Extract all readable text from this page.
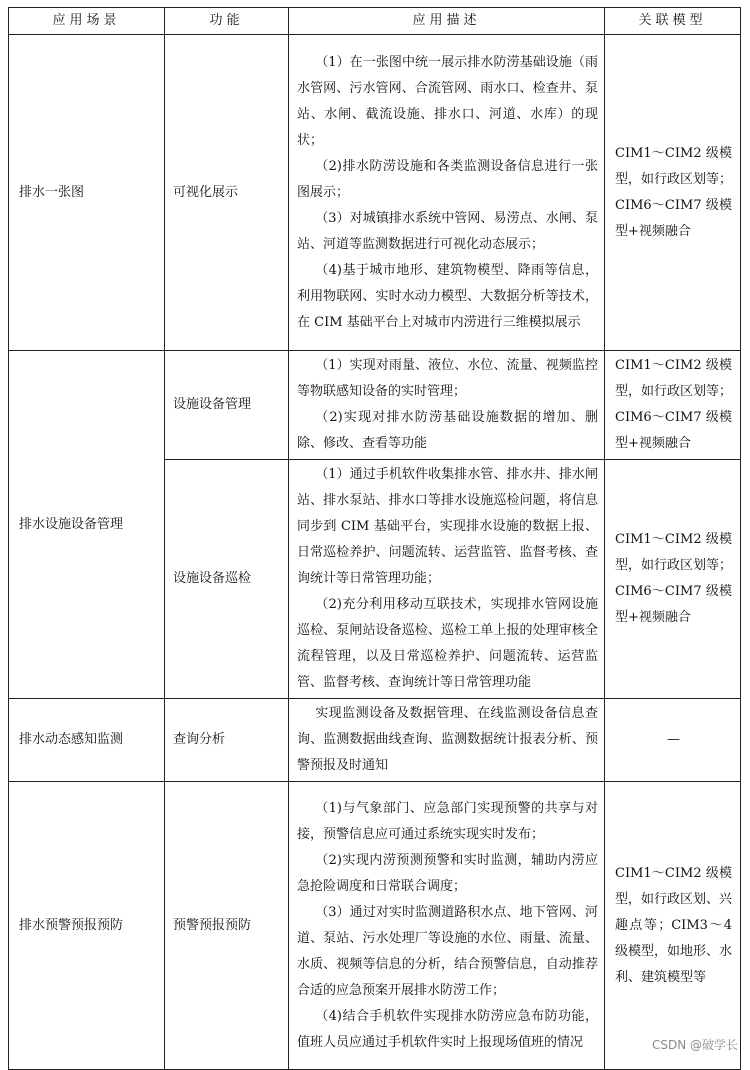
应用场景	功能	应用描述	关联模型
排水一张图	可视化展示	（1）在一张图中统一展示排水防涝基础设施（雨水管网、污水管网、合流管网、雨水口、检查井、泵站、水闸、截流设施、排水口、河道、水库）的现状；

（2)排水防涝设施和各类监测设备信息进行一张图展示；

（3）对城镇排水系统中管网、易涝点、水闸、泵站、河道等监测数据进行可视化动态展示；

（4)基于城市地形、建筑物模型、降雨等信息，利用物联网、实时水动力模型、大数据分析等技术，在 CIM 基础平台上对城市内涝进行三维模拟展示	CIM1～CIM2 级模型，如行政区划等；CIM6～CIM7 级模型+视频融合
排水设施设备管理	设施设备管理	（1）实现对雨量、液位、水位、流量、视频监控等物联感知设备的实时管理；

（2)实现对排水防涝基础设施数据的增加、删除、修改、查看等功能	CIM1～CIM2 级模型，如行政区划等；CIM6～CIM7 级模型+视频融合
	设施设备巡检	（1）通过手机软件收集排水管、排水井、排水闸站、排水泵站、排水口等排水设施巡检问题，将信息同步到 CIM 基础平台，实现排水设施的数据上报、日常巡检养护、问题流转、运营监管、监督考核、查询统计等日常管理功能；

（2)充分利用移动互联技术，实现排水管网设施巡检、泵闸站设备巡检、巡检工单上报的处理审核全流程管理，以及日常巡检养护、问题流转、运营监管、监督考核、查询统计等日常管理功能	CIM1～CIM2 级模型，如行政区划等；CIM6～CIM7 级模型+视频融合
排水动态感知监测	查询分析	实现监测设备及数据管理、在线监测设备信息查询、监测数据曲线查询、监测数据统计报表分析、预警预报及时通知	—
排水预警预报预防	预警预报预防	（1)与气象部门、应急部门实现预警的共享与对接，预警信息应可通过系统实现实时发布；

（2)实现内涝预测预警和实时监测，辅助内涝应急抢险调度和日常联合调度；

（3）通过对实时监测道路积水点、地下管网、河道、泵站、污水处理厂等设施的水位、雨量、流量、水质、视频等信息的分析，结合预警信息，自动推荐合适的应急预案开展排水防涝工作；

（4)结合手机软件实现排水防涝应急布防功能，值班人员应通过手机软件实时上报现场值班的情况	CIM1～CIM2 级模型，如行政区划、兴趣点等；CIM3～4 级模型，如地形、水利、建筑模型等
CSDN @破学长
